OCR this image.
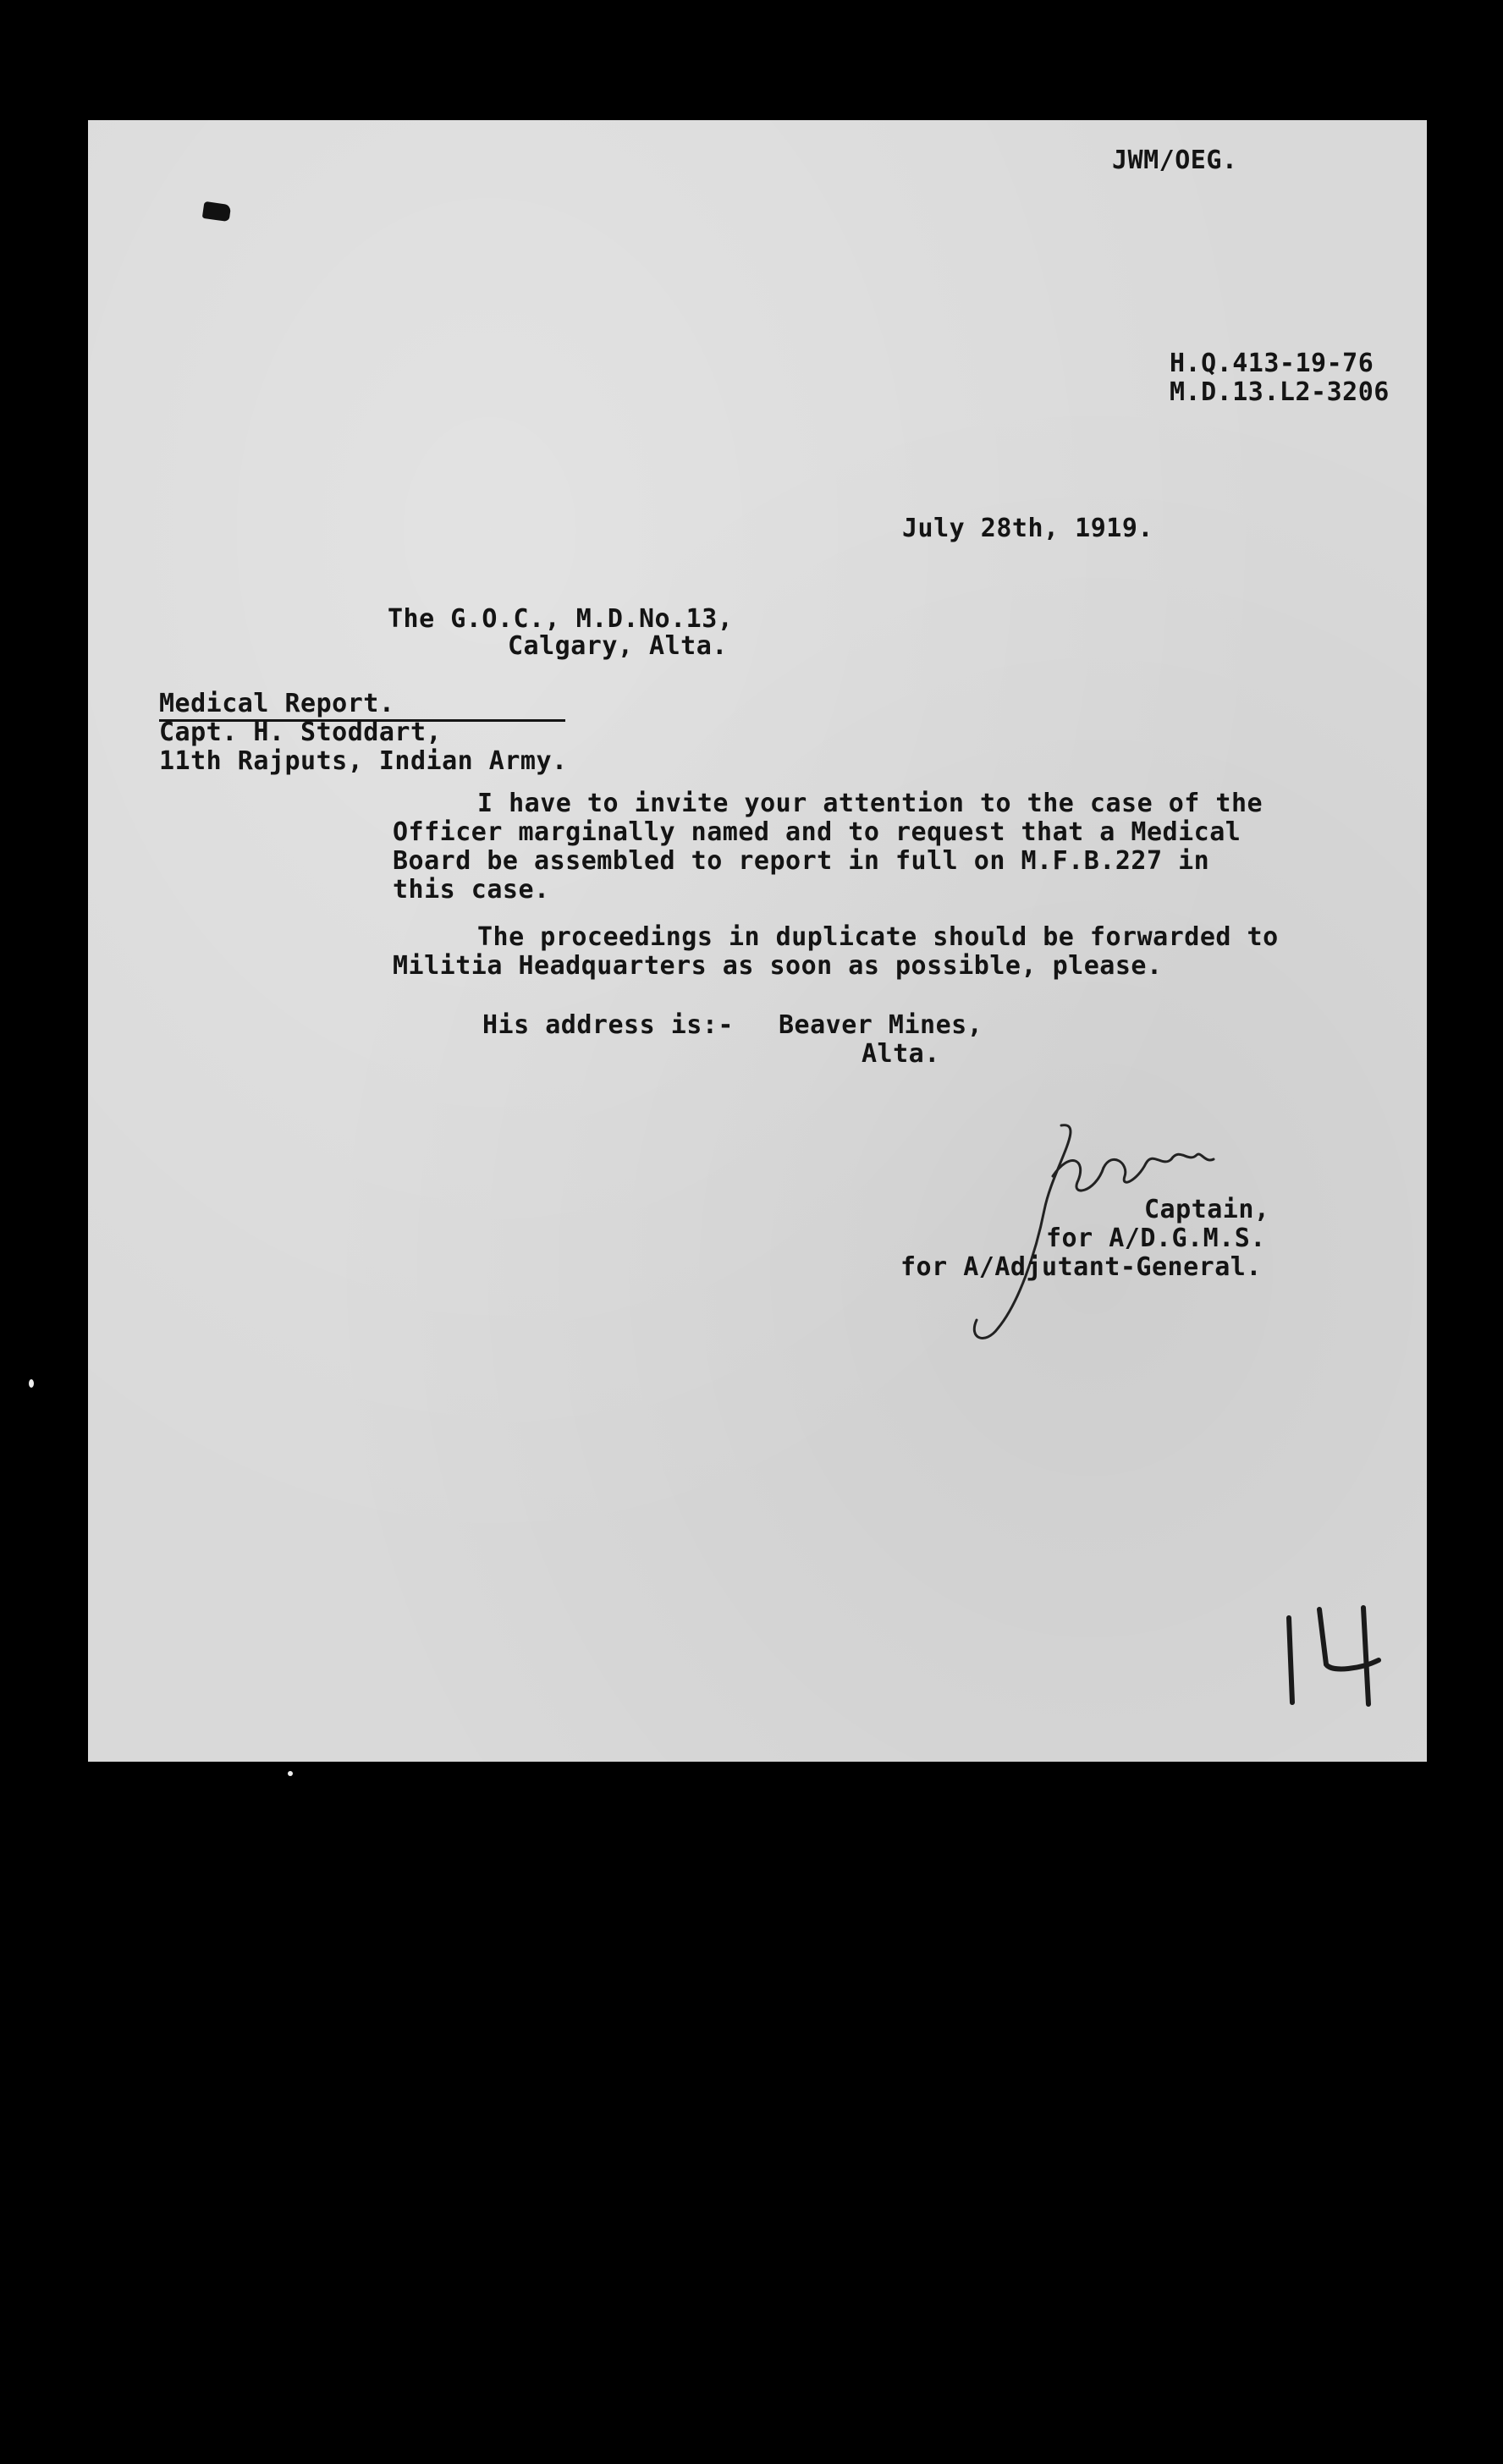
JWM/OEG.
H.Q.413-19-76
M.D.13.L2-3206
July 28th, 1919.
The G.O.C., M.D.No.13,
Calgary, Alta.
Medical Report.
Capt. H. Stoddart,
11th Rajputs, Indian Army.
I have to invite your attention to the case of the
Officer marginally named and to request that a Medical
Board be assembled to report in full on M.F.B.227 in
this case.
The proceedings in duplicate should be forwarded to
Militia Headquarters as soon as possible, please.
His address is:- Beaver Mines,
Alta.
Captain,
for A/D.G.M.S.
for A/Adjutant-General.
